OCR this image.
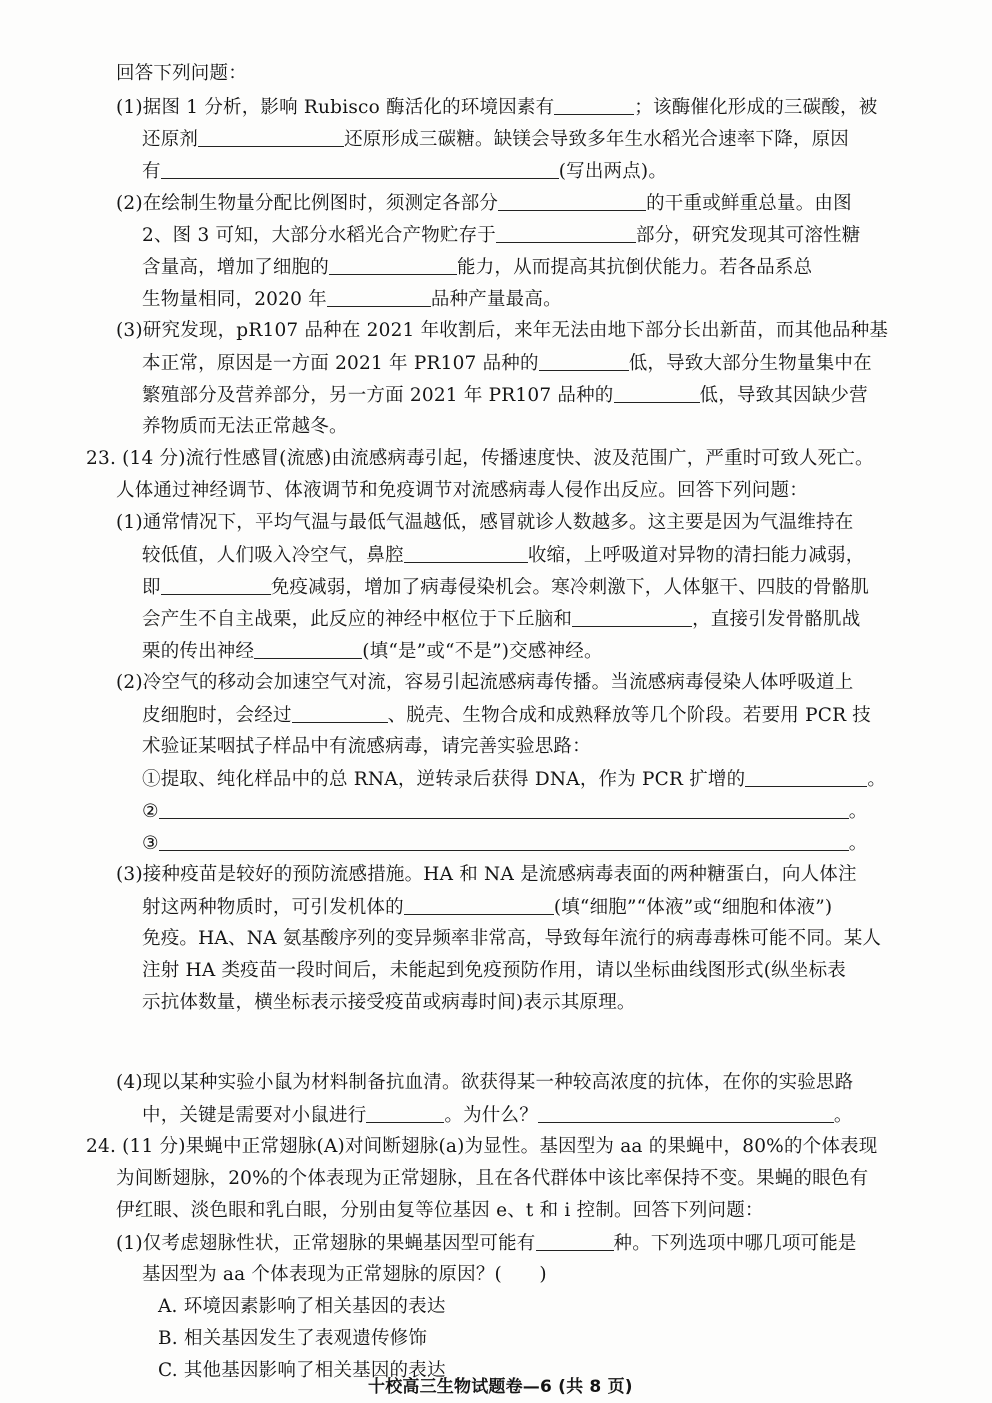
回答下列问题：
(1)据图 1 分析，影响 Rubisco 酶活化的环境因素有	；该酶催化形成的三碳酸，被
还原剂	还原形成三碳糖。缺镁会导致多年生水稻光合速率下降，原因
有	(写出两点)。
(2)在绘制生物量分配比例图时，须测定各部分	的干重或鲜重总量。由图
2、图 3 可知，大部分水稻光合产物贮存于	部分，研究发现其可溶性糖
含量高，增加了细胞的	能力，从而提高其抗倒伏能力。若各品系总
生物量相同，2020 年	品种产量最高。
(3)研究发现，pR107 品种在 2021 年收割后，来年无法由地下部分长出新苗，而其他品种基
本正常，原因是一方面 2021 年 PR107 品种的	低，导致大部分生物量集中在
繁殖部分及营养部分，另一方面 2021 年 PR107 品种的	低，导致其因缺少营
养物质而无法正常越冬。
23. (14 分)流行性感冒(流感)由流感病毒引起，传播速度快、波及范围广，严重时可致人死亡。
人体通过神经调节、体液调节和免疫调节对流感病毒人侵作出反应。回答下列问题：
(1)通常情况下，平均气温与最低气温越低，感冒就诊人数越多。这主要是因为气温维持在
较低值，人们吸入冷空气，鼻腔	收缩，上呼吸道对异物的清扫能力减弱，
即	免疫减弱，增加了病毒侵染机会。寒冷刺激下，人体躯干、四肢的骨骼肌
会产生不自主战栗，此反应的神经中枢位于下丘脑和	，直接引发骨骼肌战
栗的传出神经	(填“是”或“不是”)交感神经。
(2)冷空气的移动会加速空气对流，容易引起流感病毒传播。当流感病毒侵染人体呼吸道上
皮细胞时，会经过	、脱壳、生物合成和成熟释放等几个阶段。若要用 PCR 技
术验证某咽拭子样品中有流感病毒，请完善实验思路：
①提取、纯化样品中的总 RNA，逆转录后获得 DNA，作为 PCR 扩增的	。
②	。
③	。
(3)接种疫苗是较好的预防流感措施。HA 和 NA 是流感病毒表面的两种糖蛋白，向人体注
射这两种物质时，可引发机体的	(填“细胞”“体液”或“细胞和体液”)
免疫。HA、NA 氨基酸序列的变异频率非常高，导致每年流行的病毒毒株可能不同。某人
注射 HA 类疫苗一段时间后，未能起到免疫预防作用，请以坐标曲线图形式(纵坐标表
示抗体数量，横坐标表示接受疫苗或病毒时间)表示其原理。
(4)现以某种实验小鼠为材料制备抗血清。欲获得某一种较高浓度的抗体，在你的实验思路
中，关键是需要对小鼠进行	。为什么？	。
24. (11 分)果蝇中正常翅脉(A)对间断翅脉(a)为显性。基因型为 aa 的果蝇中，80%的个体表现
为间断翅脉，20%的个体表现为正常翅脉，且在各代群体中该比率保持不变。果蝇的眼色有
伊红眼、淡色眼和乳白眼，分别由复等位基因 e、t 和 i 控制。回答下列问题：
(1)仅考虑翅脉性状，正常翅脉的果蝇基因型可能有	种。下列选项中哪几项可能是
基因型为 aa 个体表现为正常翅脉的原因？(　　)
A. 环境因素影响了相关基因的表达
B. 相关基因发生了表观遗传修饰
C. 其他基因影响了相关基因的表达
十校高三生物试题卷—6 (共 8 页)
